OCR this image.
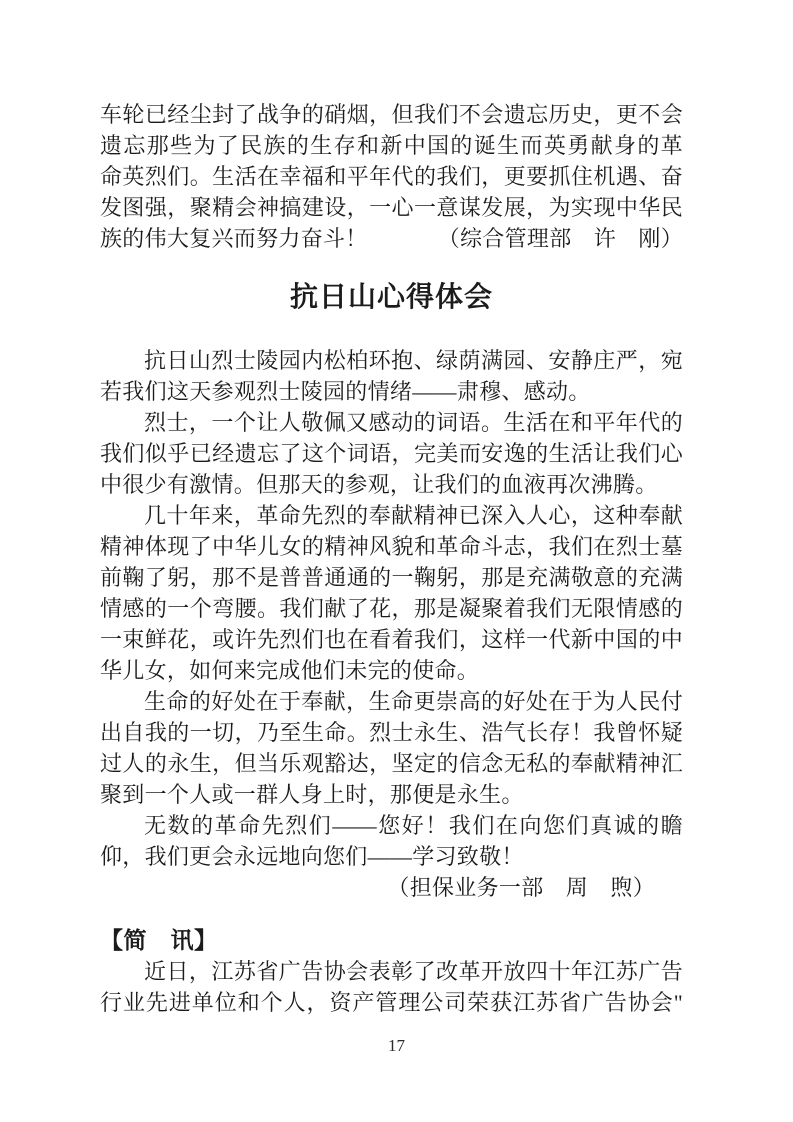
车轮已经尘封了战争的硝烟，但我们不会遗忘历史，更不会
遗忘那些为了民族的生存和新中国的诞生而英勇献身的革
命英烈们。生活在幸福和平年代的我们，更要抓住机遇、奋
发图强，聚精会神搞建设，一心一意谋发展，为实现中华民
族的伟大复兴而努力奋斗！	（综合管理部　许　刚）
抗日山心得体会
抗日山烈士陵园内松柏环抱、绿荫满园、安静庄严，宛
若我们这天参观烈士陵园的情绪——肃穆、感动。
烈士，一个让人敬佩又感动的词语。生活在和平年代的
我们似乎已经遗忘了这个词语，完美而安逸的生活让我们心
中很少有激情。但那天的参观，让我们的血液再次沸腾。
几十年来，革命先烈的奉献精神已深入人心，这种奉献
精神体现了中华儿女的精神风貌和革命斗志，我们在烈士墓
前鞠了躬，那不是普普通通的一鞠躬，那是充满敬意的充满
情感的一个弯腰。我们献了花，那是凝聚着我们无限情感的
一束鲜花，或许先烈们也在看着我们，这样一代新中国的中
华儿女，如何来完成他们未完的使命。
生命的好处在于奉献，生命更崇高的好处在于为人民付
出自我的一切，乃至生命。烈士永生、浩气长存！我曾怀疑
过人的永生，但当乐观豁达，坚定的信念无私的奉献精神汇
聚到一个人或一群人身上时，那便是永生。
无数的革命先烈们——您好！我们在向您们真诚的瞻
仰，我们更会永远地向您们——学习致敬！
（担保业务一部　周　煦）
【简　讯】
近日，江苏省广告协会表彰了改革开放四十年江苏广告
行业先进单位和个人，资产管理公司荣获江苏省广告协会"
17
